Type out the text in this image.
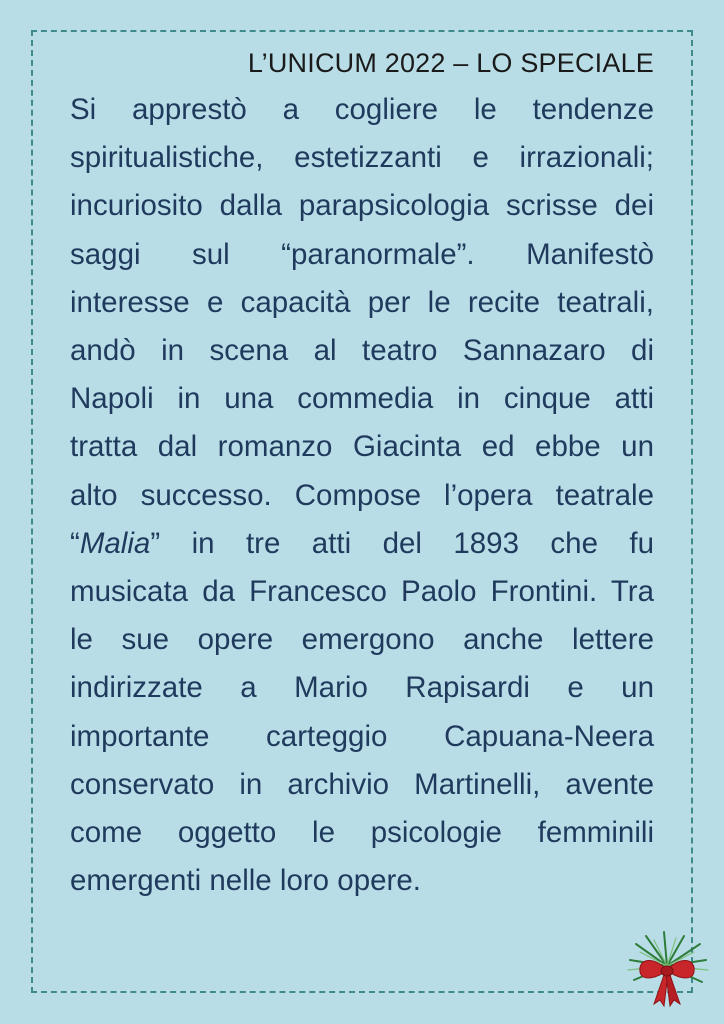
L’UNICUM 2022 – LO SPECIALE
Si apprestò a cogliere le tendenze
spiritualistiche, estetizzanti e irrazionali;
incuriosito dalla parapsicologia scrisse dei
saggi sul “paranormale”. Manifestò
interesse e capacità per le recite teatrali,
andò in scena al teatro Sannazaro di
Napoli in una commedia in cinque atti
tratta dal romanzo Giacinta ed ebbe un
alto successo. Compose l’opera teatrale
“Malia” in tre atti del 1893 che fu
musicata da Francesco Paolo Frontini. Tra
le sue opere emergono anche lettere
indirizzate a Mario Rapisardi e un
importante carteggio Capuana-Neera
conservato in archivio Martinelli, avente
come oggetto le psicologie femminili
emergenti nelle loro opere.
